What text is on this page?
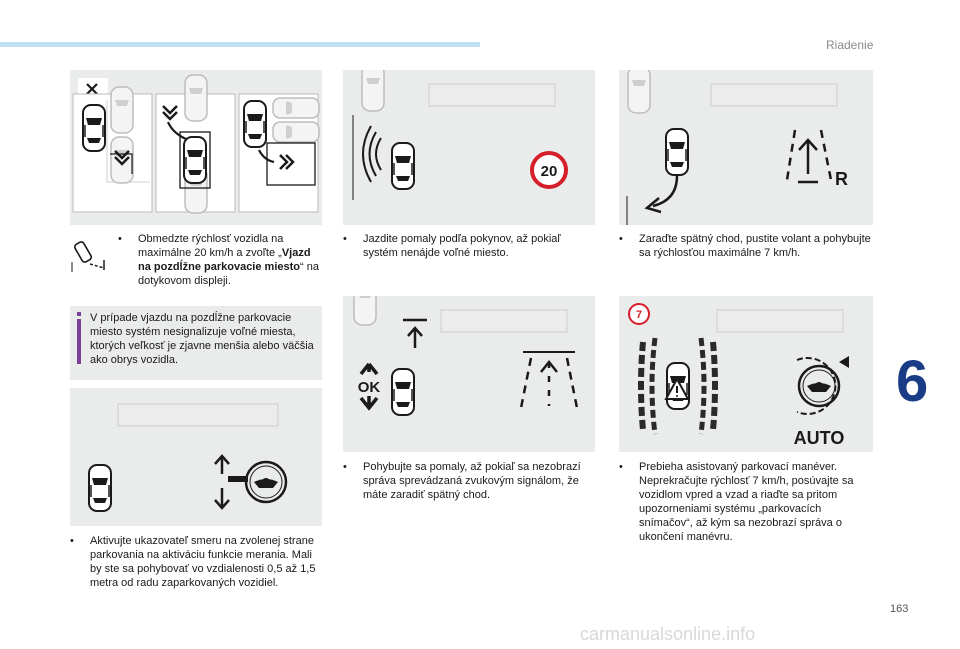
Riadenie
6
163
carmanualsonline.info
20	R
•	Obmedzte rýchlosť vozidla na maximálne 20 km/h a zvoľte „Vjazd na pozdĺžne parkovacie miesto“ na dotykovom displeji.
V prípade vjazdu na pozdĺžne parkovacie miesto systém nesignalizuje voľné miesta, ktorých veľkosť je zjavne menšia alebo väčšia ako obrys vozidla.
•	Aktivujte ukazovateľ smeru na zvolenej strane parkovania na aktiváciu funkcie merania. Mali by ste sa pohybovať vo vzdialenosti 0,5 až 1,5 metra od radu zaparkovaných vozidiel.
•	Jazdite pomaly podľa pokynov, až pokiaľ systém nenájde voľné miesto.
OK
•	Pohybujte sa pomaly, až pokiaľ sa nezobrazí správa sprevádzaná zvukovým signálom, že máte zaradiť spätný chod.
•	Zaraďte spätný chod, pustite volant a pohybujte sa rýchlosťou maximálne 7 km/h.
7
AUTO
•	Prebieha asistovaný parkovací manéver. Neprekračujte rýchlosť 7 km/h, posúvajte sa vozidlom vpred a vzad a riaďte sa pritom upozorneniami systému „parkovacích snímačov“, až kým sa nezobrazí správa o ukončení manévru.
